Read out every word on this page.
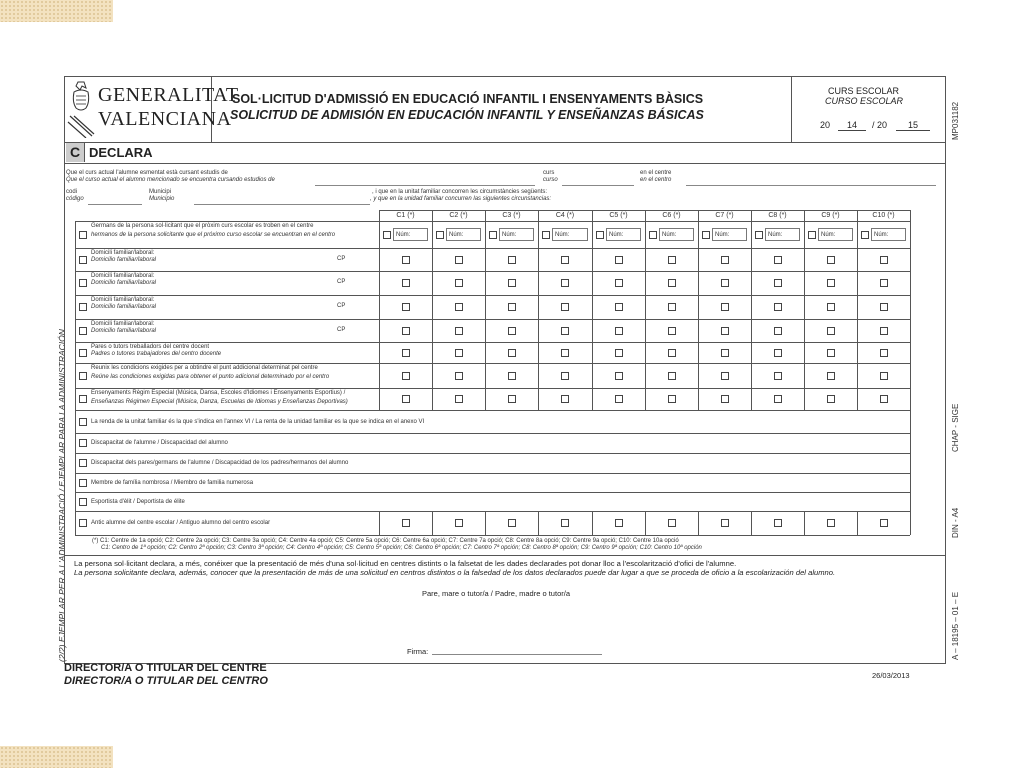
(2/2) EJEMPLAR PER A L'ADMINISTRACIÓ / EJEMPLAR PARA LA ADMINISTRACIÓN
MP031182
CHAP - SIGE
DIN - A4
A – 18195 – 01 – E
GENERALITAT
VALENCIANA
SOL·LICITUD D'ADMISSIÓ EN EDUCACIÓ INFANTIL I ENSENYAMENTS BÀSICS
SOLICITUD DE ADMISIÓN EN EDUCACIÓN INFANTIL Y ENSEÑANZAS BÁSICAS
CURS ESCOLAR
CURSO ESCOLAR
20	14	/ 20	15
C DECLARA
Que el curs actual l'alumne esmentat està cursant estudis de
Que el curso actual el alumno mencionado se encuentra cursando estudios de
curs
curso
en el centre
en el centro
codi
código
Municipi
Municipio
, i que en la unitat familiar concorren les circumstàncies següents:
, y que en la unidad familiar concurren las siguientes circunstancias:
(*) C1: Centre de 1a opció; C2: Centre 2a opció; C3: Centre 3a opció; C4: Centre 4a opció; C5: Centre 5a opció; C6: Centre 6a opció; C7: Centre 7a opció; C8: Centre 8a opció; C9: Centre 9a opció; C10: Centre 10a opció
C1: Centro de 1ª opción; C2: Centro 2ª opción; C3: Centro 3ª opción; C4: Centro 4ª opción; C5: Centro 5ª opción; C6: Centro 6ª opción; C7: Centro 7ª opción; C8: Centro 8ª opción; C9: Centro 9ª opción; C10: Centro 10ª opción
La persona sol·licitant declara, a més, conéixer que la presentació de més d'una sol·licitud en centres distints o la falsetat de les dades declarades pot donar lloc a l'escolarització d'ofici de l'alumne.
La persona solicitante declara, además, conocer que la presentación de más de una solicitud en centros distintos o la falsedad de los datos declarados puede dar lugar a que se proceda de oficio a la escolarización del alumno.
Pare, mare o tutor/a / Padre, madre o tutor/a
Firma:
DIRECTOR/A O TITULAR DEL CENTRE
DIRECTOR/A O TITULAR DEL CENTRO	26/03/2013
C1 (*)	C2 (*)	C3 (*)	C4 (*)	C5 (*)	C6 (*)	C7 (*)	C8 (*)	C9 (*)	C10 (*)
Germans de la persona sol·licitant que el pròxim curs escolar es troben en el centre
hermanos de la persona solicitante que el próximo curso escolar se encuentran en el centro	Núm:	Núm:	Núm:	Núm:	Núm:	Núm:	Núm:	Núm:	Núm:	Núm:
Domicili familiar/laboral:
Domicilio familiar/laboral	CP
Domicili familiar/laboral:
Domicilio familiar/laboral	CP
Domicili familiar/laboral:
Domicilio familiar/laboral	CP
Domicili familiar/laboral:
Domicilio familiar/laboral	CP
Pares o tutors treballadors del centre docent
Padres o tutores trabajadores del centro docente
Reunix les condicions exigides per a obtindre el punt addicional determinat pel centre
Reúne las condiciones exigidas para obtener el punto adicional determinado por el centro
Ensenyaments Règim Especial (Música, Dansa, Escoles d'Idiomes i Ensenyaments Esportius) /
Enseñanzas Régimen Especial (Música, Danza, Escuelas de Idiomas y Enseñanzas Deportivas)
La renda de la unitat familiar és la que s'indica en l'annex VI / La renta de la unidad familiar es la que se indica en el anexo VI
Discapacitat de l'alumne / Discapacidad del alumno
Discapacitat dels pares/germans de l'alumne / Discapacidad de los padres/hermanos del alumno
Membre de família nombrosa / Miembro de familia numerosa
Esportista d'èlit / Deportista de élite
Antic alumne del centre escolar / Antiguo alumno del centro escolar
